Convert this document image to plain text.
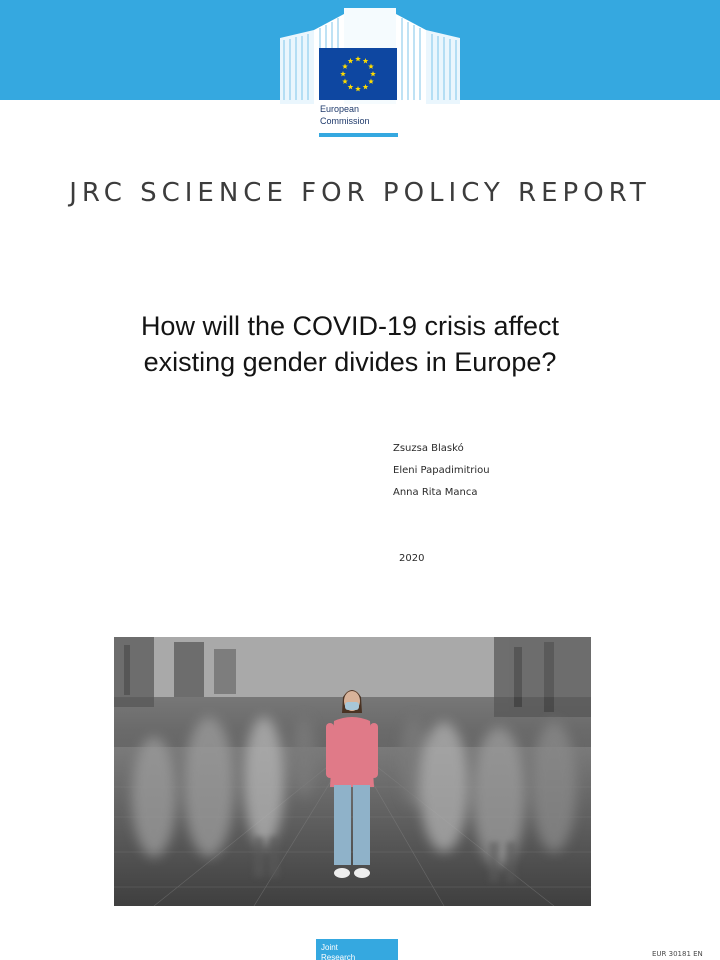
European
Commission
JRC SCIENCE FOR POLICY REPORT
How will the COVID-19 crisis affect
existing gender divides in Europe?
Zsuzsa Blaskó
Eleni Papadimitriou
Anna Rita Manca
2020
Joint
Research	EUR 30181 EN
